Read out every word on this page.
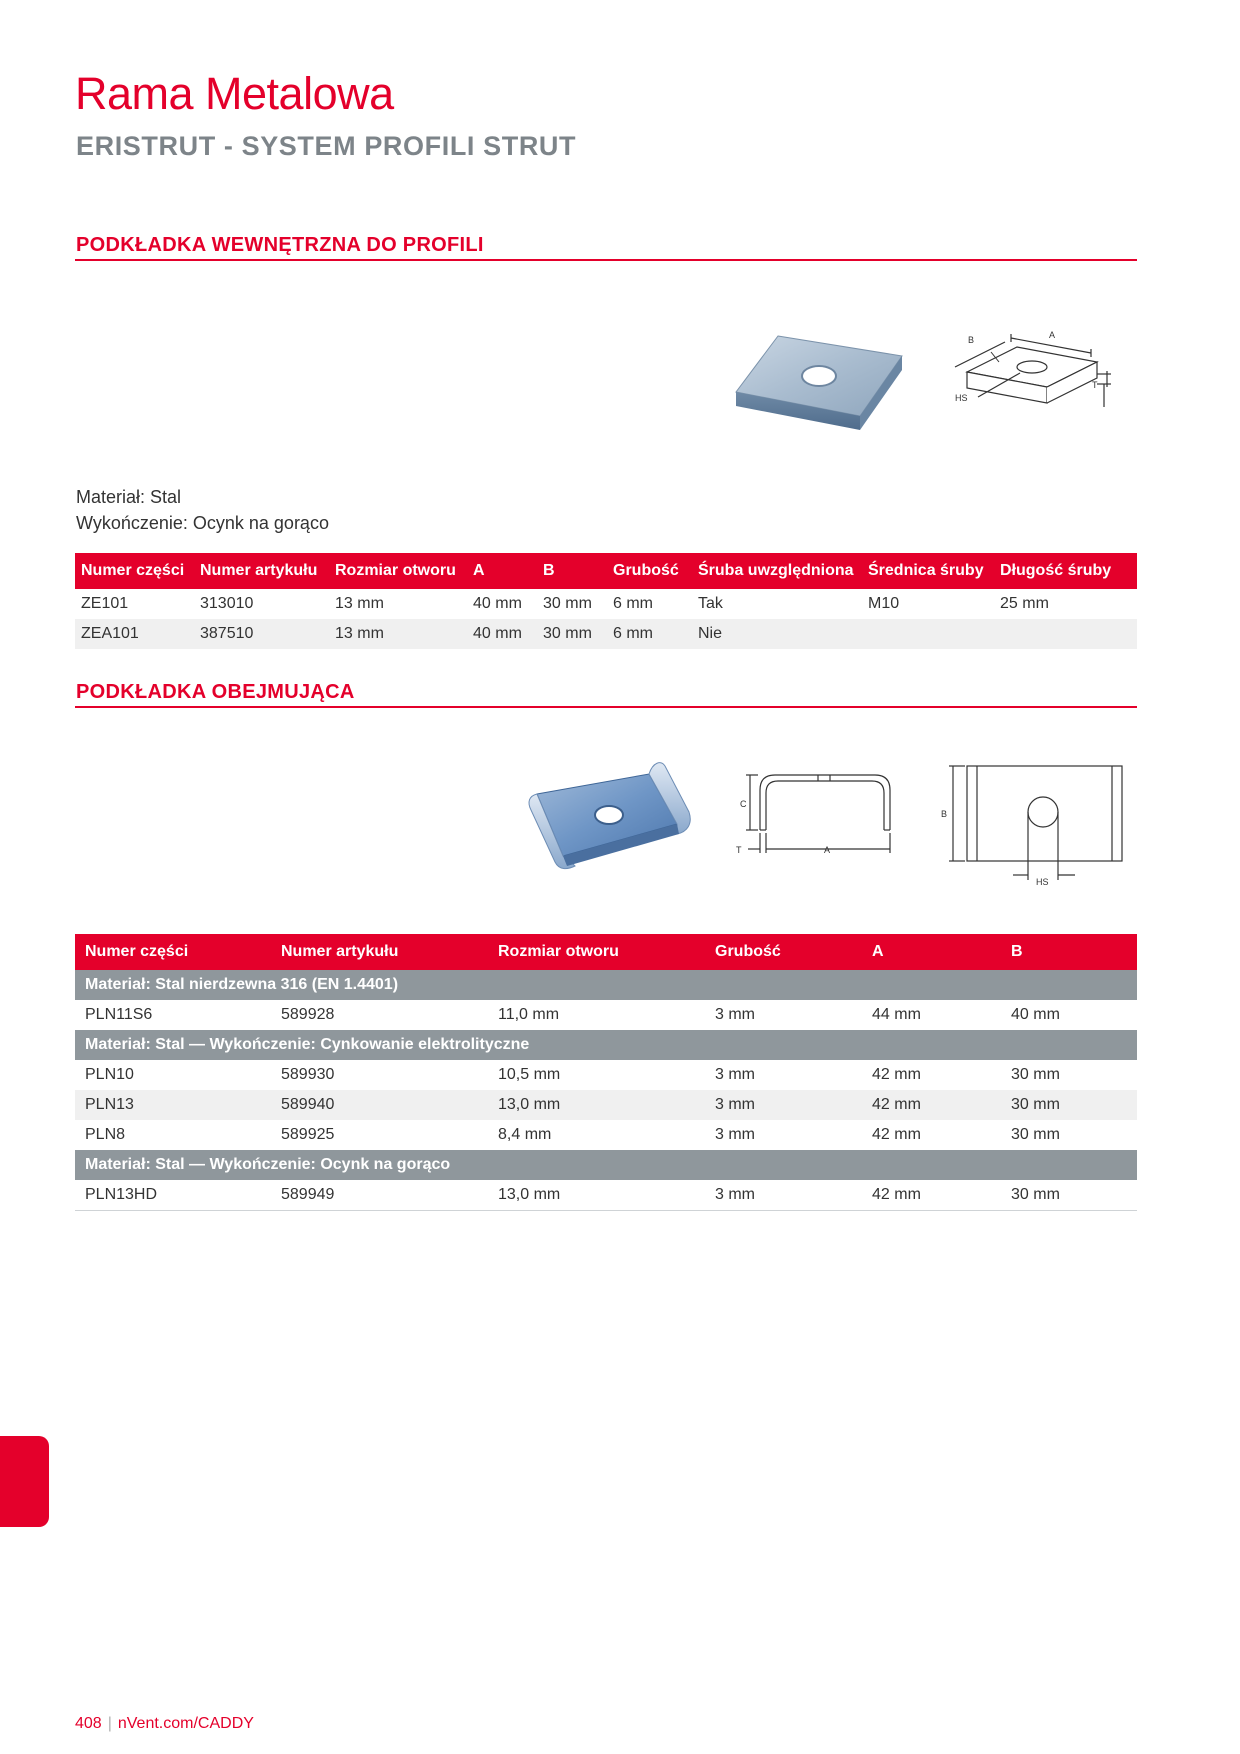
Rama Metalowa
ERISTRUT - SYSTEM PROFILI STRUT
PODKŁADKA WEWNĘTRZNA DO PROFILI
A
B
T
HS
Materiał: Stal
Wykończenie: Ocynk na gorąco
Numer części	Numer artykułu	Rozmiar otworu	A	B	Grubość	Śruba uwzględniona	Średnica śruby	Długość śruby
ZE101	313010	13 mm	40 mm	30 mm	6 mm	Tak	M10	25 mm
ZEA101	387510	13 mm	40 mm	30 mm	6 mm	Nie		
PODKŁADKA OBEJMUJĄCA
C
T	A
B
HS
Numer części	Numer artykułu	Rozmiar otworu	Grubość	A	B
Materiał: Stal nierdzewna 316 (EN 1.4401)					
PLN11S6	589928	11,0 mm	3 mm	44 mm	40 mm
Materiał: Stal — Wykończenie: Cynkowanie elektrolityczne					
PLN10	589930	10,5 mm	3 mm	42 mm	30 mm
PLN13	589940	13,0 mm	3 mm	42 mm	30 mm
PLN8	589925	8,4 mm	3 mm	42 mm	30 mm
Materiał: Stal — Wykończenie: Ocynk na gorąco					
PLN13HD	589949	13,0 mm	3 mm	42 mm	30 mm
408 | nVent.com/CADDY
